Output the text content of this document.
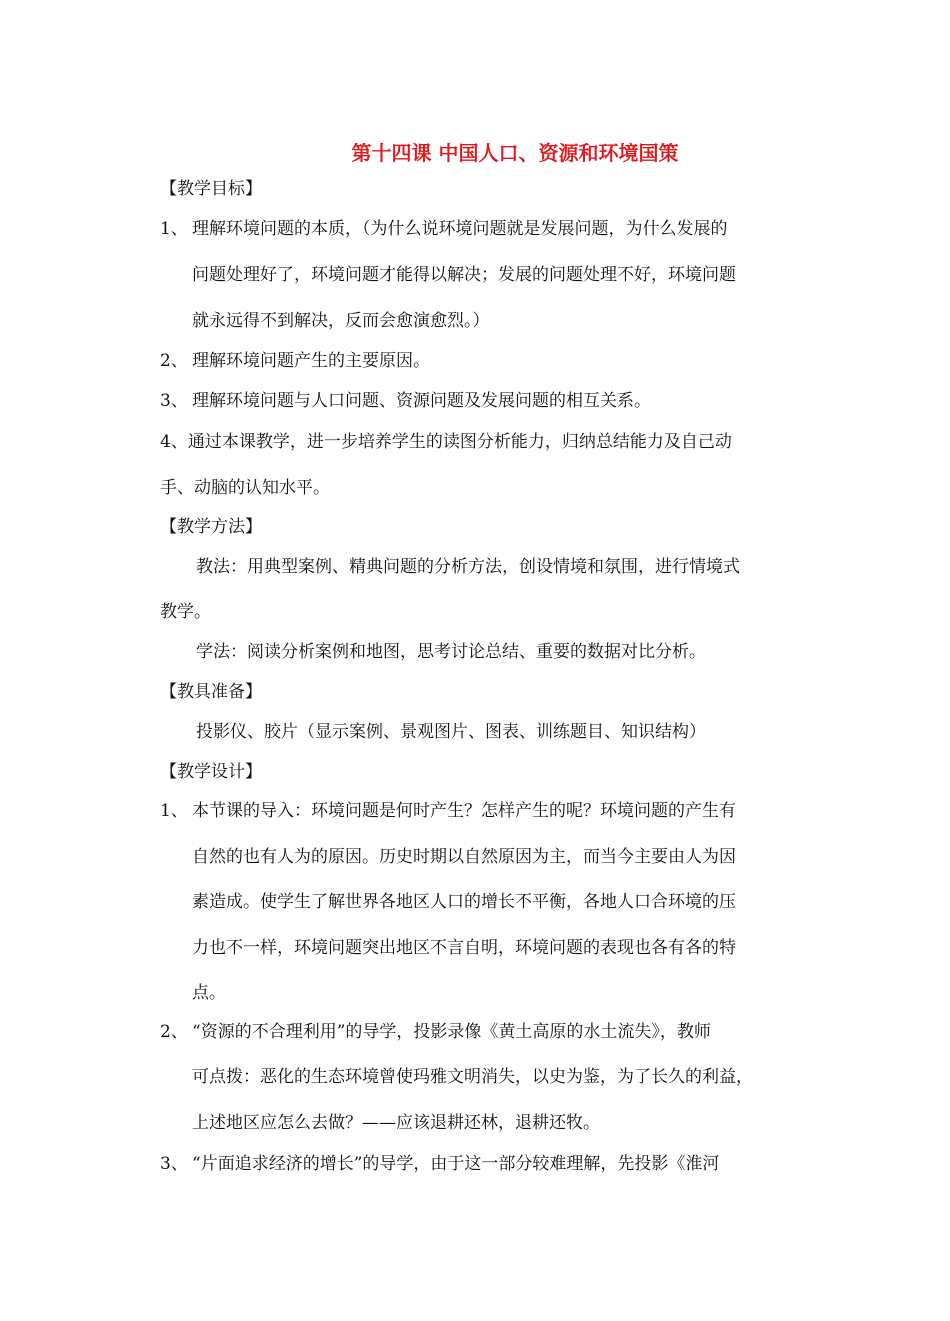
第十四课 中国人口、资源和环境国策
【教学目标】
1、 理解环境问题的本质，（为什么说环境问题就是发展问题，为什么发展的
问题处理好了，环境问题才能得以解决；发展的问题处理不好，环境问题
就永远得不到解决，反而会愈演愈烈。）
2、 理解环境问题产生的主要原因。
3、 理解环境问题与人口问题、资源问题及发展问题的相互关系。
4、通过本课教学，进一步培养学生的读图分析能力，归纳总结能力及自己动
手、动脑的认知水平。
【教学方法】
教法：用典型案例、精典问题的分析方法，创设情境和氛围，进行情境式
教学。
学法：阅读分析案例和地图，思考讨论总结、重要的数据对比分析。
【教具准备】
投影仪、胶片（显示案例、景观图片、图表、训练题目、知识结构）
【教学设计】
1、 本节课的导入：环境问题是何时产生？怎样产生的呢？环境问题的产生有
自然的也有人为的原因。历史时期以自然原因为主，而当今主要由人为因
素造成。使学生了解世界各地区人口的增长不平衡，各地人口合环境的压
力也不一样，环境问题突出地区不言自明，环境问题的表现也各有各的特
点。
2、 “资源的不合理利用”的导学，投影录像《黄土高原的水土流失》，教师
可点拨：恶化的生态环境曾使玛雅文明消失，以史为鉴，为了长久的利益，
上述地区应怎么去做？——应该退耕还林，退耕还牧。
3、 “片面追求经济的增长”的导学，由于这一部分较难理解，先投影《淮河
